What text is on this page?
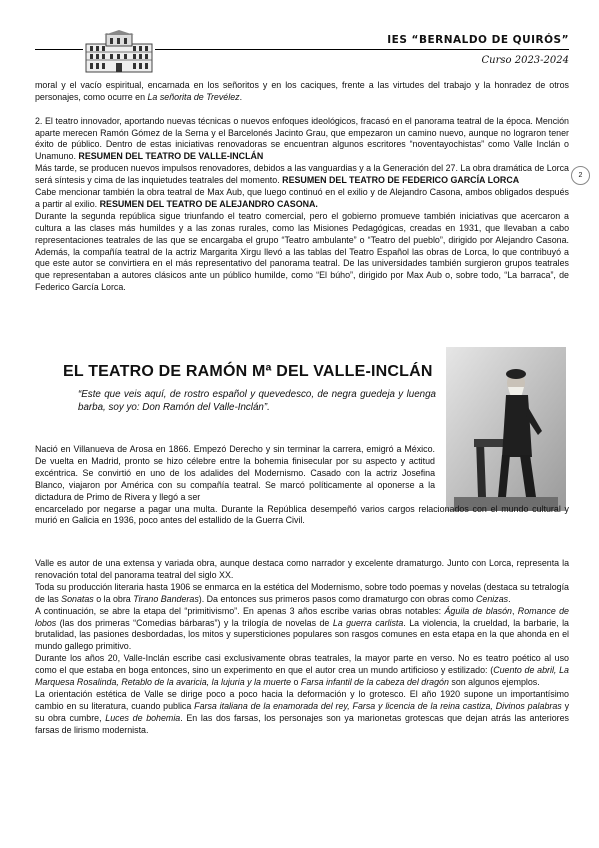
IES “BERNALDO DE QUIRÓS”
Curso 2023-2024
2

moral y el vacío espiritual, encarnada en los señoritos y en los caciques, frente a las virtudes del trabajo y la honradez de otros personajes, como ocurre en La señorita de Trevélez.

2. El teatro innovador, aportando nuevas técnicas o nuevos enfoques ideológicos, fracasó en el panorama teatral de la época. Mención aparte merecen Ramón Gómez de la Serna y el Barcelonés Jacinto Grau, que empezaron un camino nuevo, aunque no lograron tener éxito de público. Dentro de estas iniciativas renovadoras se encuentran algunos escritores “noventayochistas” como Valle Inclán o Unamuno. RESUMEN DEL TEATRO DE VALLE-INCLÁN

Más tarde, se producen nuevos impulsos renovadores, debidos a las vanguardias y a la Generación del 27. La obra dramática de Lorca será síntesis y cima de las inquietudes teatrales del momento. RESUMEN DEL TEATRO DE FEDERICO GARCÍA LORCA

Cabe mencionar también la obra teatral de Max Aub, que luego continuó en el exilio y de Alejandro Casona, ambos obligados después a partir al exilio. RESUMEN DEL TEATRO DE ALEJANDRO CASONA.

Durante la segunda república sigue triunfando el teatro comercial, pero el gobierno promueve también iniciativas que acercaron a cultura a las clases más humildes y a las zonas rurales, como las Misiones Pedagógicas, creadas en 1931, que llevaban a cabo representaciones teatrales de las que se encargaba el grupo “Teatro ambulante” o “Teatro del pueblo”, dirigido por Alejandro Casona. Además, la compañía teatral de la actriz Margarita Xirgu llevó a las tablas del Teatro Español las obras de Lorca, lo que contribuyó a que este autor se convirtiera en el más representativo del panorama teatral. De las universidades también surgieron grupos teatrales que representaban a autores clásicos ante un público humilde, como “El búho”, dirigido por Max Aub o, sobre todo, “La barraca”, de Federico García Lorca.

EL TEATRO DE RAMÓN Mª DEL VALLE-INCLÁN
“Este que veis aquí, de rostro español y quevedesco, de negra guedeja y luenga barba, soy yo: Don Ramón del Valle-Inclán”.

Nació en Villanueva de Arosa en 1866. Empezó Derecho y sin terminar la carrera, emigró a México. De vuelta en Madrid, pronto se hizo célebre entre la bohemia finisecular por su aspecto y actitud excéntrica. Se convirtió en uno de los adalides del Modernismo. Casado con la actriz Josefina Blanco, viajaron por América con su compañía teatral. Se marcó políticamente al oponerse a la dictadura de Primo de Rivera y llegó a ser

encarcelado por negarse a pagar una multa. Durante la República desempeñó varios cargos relacionados con el mundo cultural y murió en Galicia en 1936, poco antes del estallido de la Guerra Civil.

Valle es autor de una extensa y variada obra, aunque destaca como narrador y excelente dramaturgo. Junto con Lorca, representa la renovación total del panorama teatral del siglo XX.

Toda su producción literaria hasta 1906 se enmarca en la estética del Modernismo, sobre todo poemas y novelas (destaca su tetralogía de las Sonatas o la obra Tirano Banderas). Da entonces sus primeros pasos como dramaturgo con obras como Cenizas.

A continuación, se abre la etapa del “primitivismo”. En apenas 3 años escribe varias obras notables: Águila de blasón, Romance de lobos (las dos primeras “Comedias bárbaras”) y la trilogía de novelas de La guerra carlista. La violencia, la crueldad, la barbarie, la brutalidad, las pasiones desbordadas, los mitos y supersticiones populares son rasgos comunes en esta etapa en la que ahonda en el mundo gallego primitivo.

Durante los años 20, Valle-Inclán escribe casi exclusivamente obras teatrales, la mayor parte en verso. No es teatro poético al uso como el que estaba en boga entonces, sino un experimento en que el autor crea un mundo artificioso y estilizado: (Cuento de abril, La Marquesa Rosalinda, Retablo de la avaricia, la lujuria y la muerte o Farsa infantil de la cabeza del dragón son algunos ejemplos.

La orientación estética de Valle se dirige poco a poco hacia la deformación y lo grotesco. El año 1920 supone un importantísimo cambio en su literatura, cuando publica Farsa italiana de la enamorada del rey, Farsa y licencia de la reina castiza, Divinos palabras y su obra cumbre, Luces de bohemia. En las dos farsas, los personajes son ya marionetas grotescas que dejan atrás las anteriores farsas de lirismo modernista.
